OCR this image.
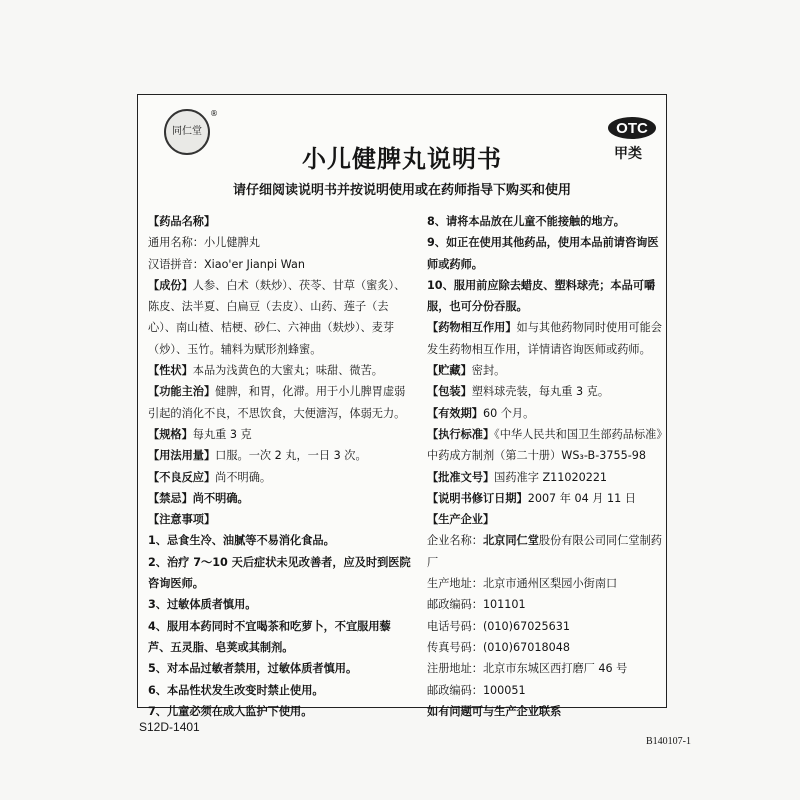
同仁堂
®
OTC
甲类
小儿健脾丸说明书
请仔细阅读说明书并按说明使用或在药师指导下购买和使用

【药品名称】

通用名称：小儿健脾丸

汉语拼音：Xiao'er Jianpi Wan

【成份】人参、白术（麸炒）、茯苓、甘草（蜜炙）、陈皮、法半夏、白扁豆（去皮）、山药、莲子（去心）、南山楂、桔梗、砂仁、六神曲（麸炒）、麦芽（炒）、玉竹。辅料为赋形剂蜂蜜。

【性状】本品为浅黄色的大蜜丸；味甜、微苦。

【功能主治】健脾，和胃，化滞。用于小儿脾胃虚弱引起的消化不良，不思饮食，大便溏泻，体弱无力。

【规格】每丸重 3 克

【用法用量】口服。一次 2 丸，一日 3 次。

【不良反应】尚不明确。

【禁忌】尚不明确。

【注意事项】

1、忌食生冷、油腻等不易消化食品。

2、治疗 7～10 天后症状未见改善者，应及时到医院咨询医师。

3、过敏体质者慎用。

4、服用本药同时不宜喝茶和吃萝卜，不宜服用藜芦、五灵脂、皂荚或其制剂。

5、对本品过敏者禁用，过敏体质者慎用。

6、本品性状发生改变时禁止使用。

7、儿童必须在成人监护下使用。

8、请将本品放在儿童不能接触的地方。

9、如正在使用其他药品，使用本品前请咨询医师或药师。

10、服用前应除去蜡皮、塑料球壳；本品可嚼服，也可分份吞服。

【药物相互作用】如与其他药物同时使用可能会发生药物相互作用，详情请咨询医师或药师。

【贮藏】密封。

【包装】塑料球壳装，每丸重 3 克。

【有效期】60 个月。

【执行标准】《中华人民共和国卫生部药品标准》中药成方制剂（第二十册）WS₃-B-3755-98

【批准文号】国药准字 Z11020221

【说明书修订日期】2007 年 04 月 11 日

【生产企业】

企业名称：北京同仁堂股份有限公司同仁堂制药厂

生产地址：北京市通州区梨园小街南口

邮政编码：101101

电话号码：(010)67025631

传真号码：(010)67018048

注册地址：北京市东城区西打磨厂 46 号

邮政编码：100051

如有问题可与生产企业联系

S12D-1401
B140107-1
